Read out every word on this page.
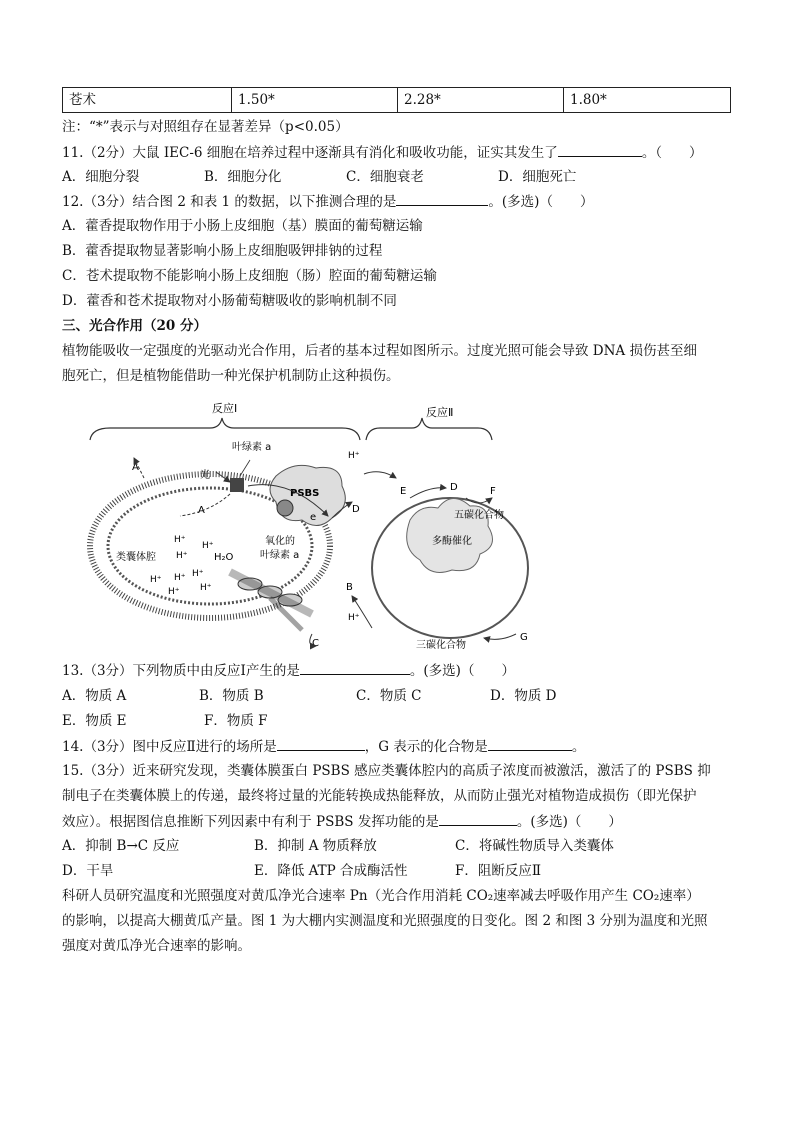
苍术	1.50*	2.28*	1.80*
注：“*”表示与对照组存在显著差异（p<0.05）
11.（2分）大鼠 IEC-6 细胞在培养过程中逐渐具有消化和吸收功能，证实其发生了	。（　　）
A．细胞分裂	B．细胞分化	C．细胞衰老	D．细胞死亡
12.（3分）结合图 2 和表 1 的数据，以下推测合理的是	。(多选)（　　）
A．藿香提取物作用于小肠上皮细胞（基）膜面的葡萄糖运输
B．藿香提取物显著影响小肠上皮细胞吸钾排钠的过程
C．苍术提取物不能影响小肠上皮细胞（肠）腔面的葡萄糖运输
D．藿香和苍术提取物对小肠葡萄糖吸收的影响机制不同
三、光合作用（20 分）
植物能吸收一定强度的光驱动光合作用，后者的基本过程如图所示。过度光照可能会导致 DNA 损伤甚至细
胞死亡，但是植物能借助一种光保护机制防止这种损伤。
反应Ⅰ	反应Ⅱ
PSBS
光
叶绿素 a
氧化的
叶绿素 a
类囊体腔	H₂O
H⁺
H⁺
H⁺
H⁺ H⁺ H⁺
H⁺ H⁺
A
A
e
D
H⁺
多酶催化
五碳化合物
三碳化合物
E	D	F
B
H⁺
C
G
13.（3分）下列物质中由反应Ⅰ产生的是	。(多选)（　　）
A．物质 A	B．物质 B	C．物质 C	D．物质 D
E．物质 E	F．物质 F
14.（3分）图中反应Ⅱ进行的场所是	，G 表示的化合物是	。
15.（3分）近来研究发现，类囊体膜蛋白 PSBS 感应类囊体腔内的高质子浓度而被激活，激活了的 PSBS 抑
制电子在类囊体膜上的传递，最终将过量的光能转换成热能释放，从而防止强光对植物造成损伤（即光保护
效应）。根据图信息推断下列因素中有利于 PSBS 发挥功能的是	。(多选)（　　）
A．抑制 B→C 反应	B．抑制 A 物质释放	C．将碱性物质导入类囊体
D．干旱	E．降低 ATP 合成酶活性	F．阻断反应Ⅱ
科研人员研究温度和光照强度对黄瓜净光合速率 Pn（光合作用消耗 CO₂速率减去呼吸作用产生 CO₂速率）
的影响，以提高大棚黄瓜产量。图 1 为大棚内实测温度和光照强度的日变化。图 2 和图 3 分别为温度和光照
强度对黄瓜净光合速率的影响。
